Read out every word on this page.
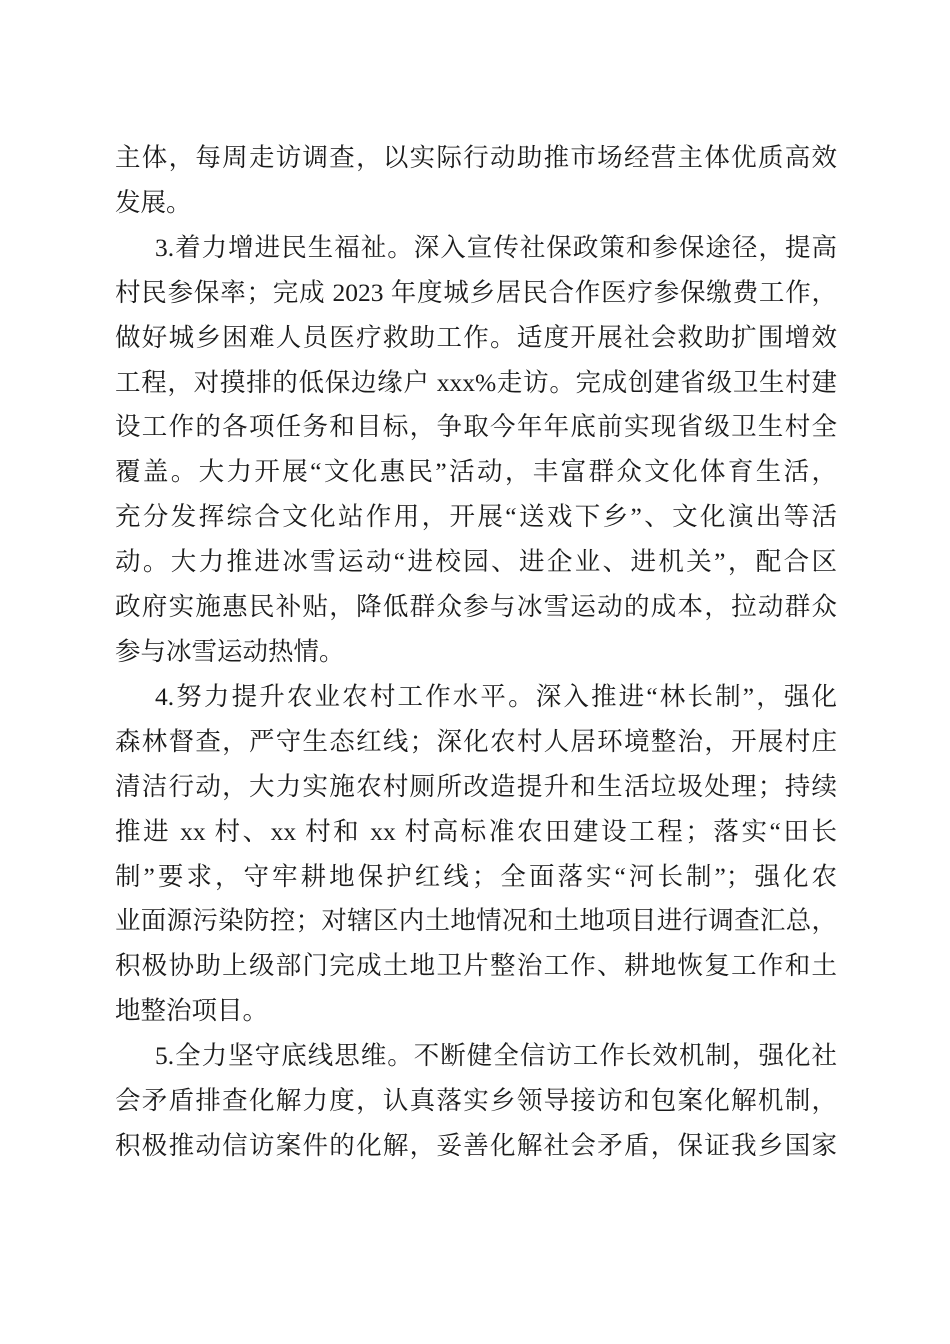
主体，每周走访调查，以实际行动助推市场经营主体优质高效
发展。
3.着力增进民生福祉。深入宣传社保政策和参保途径，提高
村民参保率；完成 2023 年度城乡居民合作医疗参保缴费工作，
做好城乡困难人员医疗救助工作。适度开展社会救助扩围增效
工程，对摸排的低保边缘户 xxx%走访。完成创建省级卫生村建
设工作的各项任务和目标，争取今年年底前实现省级卫生村全
覆盖。大力开展“文化惠民”活动，丰富群众文化体育生活，
充分发挥综合文化站作用，开展“送戏下乡”、文化演出等活
动。大力推进冰雪运动“进校园、进企业、进机关”，配合区
政府实施惠民补贴，降低群众参与冰雪运动的成本，拉动群众
参与冰雪运动热情。
4.努力提升农业农村工作水平。深入推进“林长制”，强化
森林督查，严守生态红线；深化农村人居环境整治，开展村庄
清洁行动，大力实施农村厕所改造提升和生活垃圾处理；持续
推进 xx 村、xx 村和 xx 村高标准农田建设工程；落实“田长
制”要求，守牢耕地保护红线；全面落实“河长制”；强化农
业面源污染防控；对辖区内土地情况和土地项目进行调查汇总，
积极协助上级部门完成土地卫片整治工作、耕地恢复工作和土
地整治项目。
5.全力坚守底线思维。不断健全信访工作长效机制，强化社
会矛盾排查化解力度，认真落实乡领导接访和包案化解机制，
积极推动信访案件的化解，妥善化解社会矛盾，保证我乡国家
